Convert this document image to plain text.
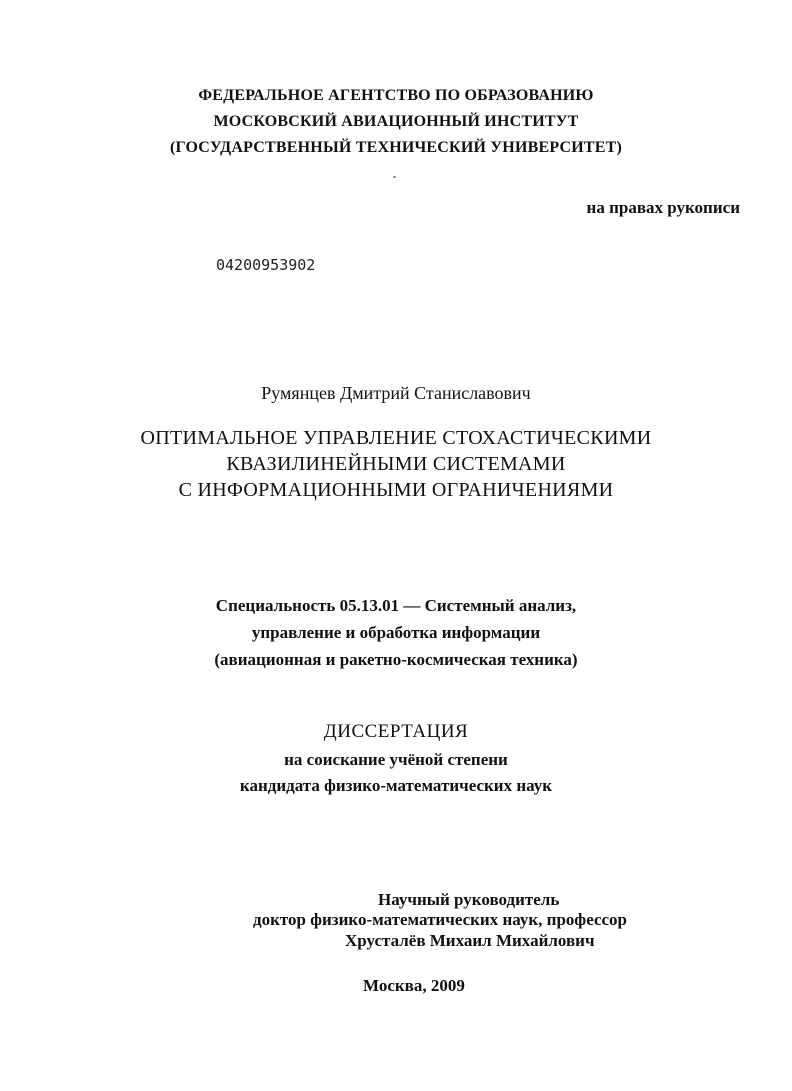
ФЕДЕРАЛЬНОЕ АГЕНТСТВО ПО ОБРАЗОВАНИЮ
МОСКОВСКИЙ АВИАЦИОННЫЙ ИНСТИТУТ
(ГОСУДАРСТВЕННЫЙ ТЕХНИЧЕСКИЙ УНИВЕРСИТЕТ)
на правах рукописи
04200953902
Румянцев Дмитрий Станиславович
ОПТИМАЛЬНОЕ УПРАВЛЕНИЕ СТОХАСТИЧЕСКИМИ
КВАЗИЛИНЕЙНЫМИ СИСТЕМАМИ
С ИНФОРМАЦИОННЫМИ ОГРАНИЧЕНИЯМИ
Специальность 05.13.01 — Системный анализ,
управление и обработка информации
(авиационная и ракетно-космическая техника)
ДИССЕРТАЦИЯ
на соискание учёной степени
кандидата физико-математических наук
Научный руководитель
доктор физико-математических наук, профессор
Хрусталёв Михаил Михайлович
Москва, 2009
